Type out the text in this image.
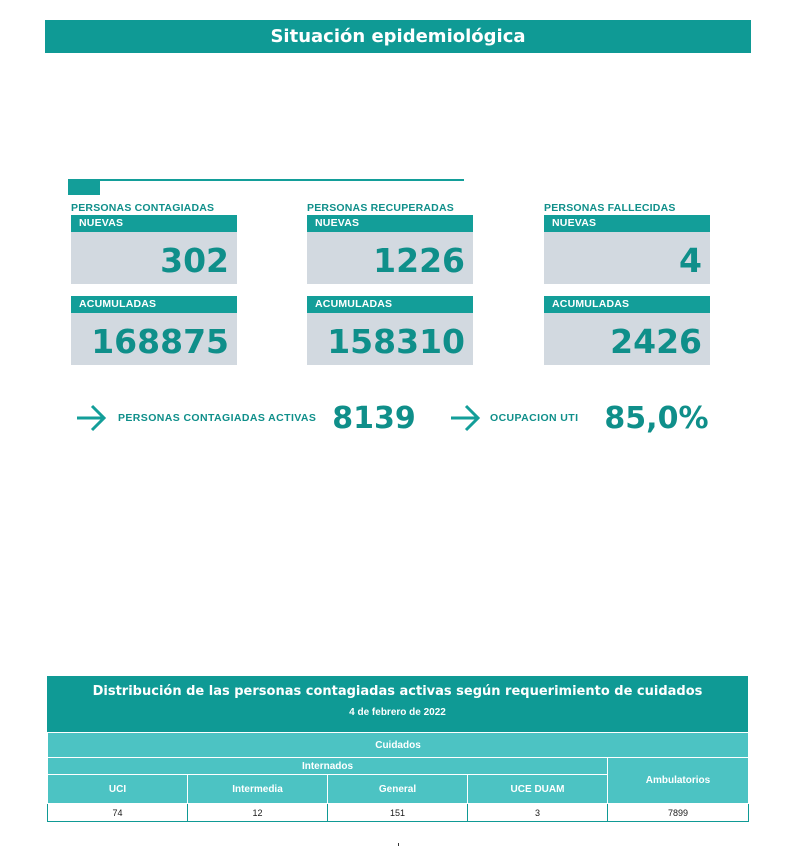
Situación epidemiológica
PERSONAS CONTAGIADAS
NUEVAS
302
ACUMULADAS
168875
PERSONAS RECUPERADAS
NUEVAS
1226
ACUMULADAS
158310
PERSONAS FALLECIDAS
NUEVAS
4
ACUMULADAS
2426
PERSONAS CONTAGIADAS ACTIVAS 8139	OCUPACION UTI 85,0%
Distribución de las personas contagiadas activas según requerimiento de cuidados
4 de febrero de 2022
Cuidados				
Internados				Ambulatorios
UCI	Intermedia	General	UCE DUAM	
74	12	151	3	7899
